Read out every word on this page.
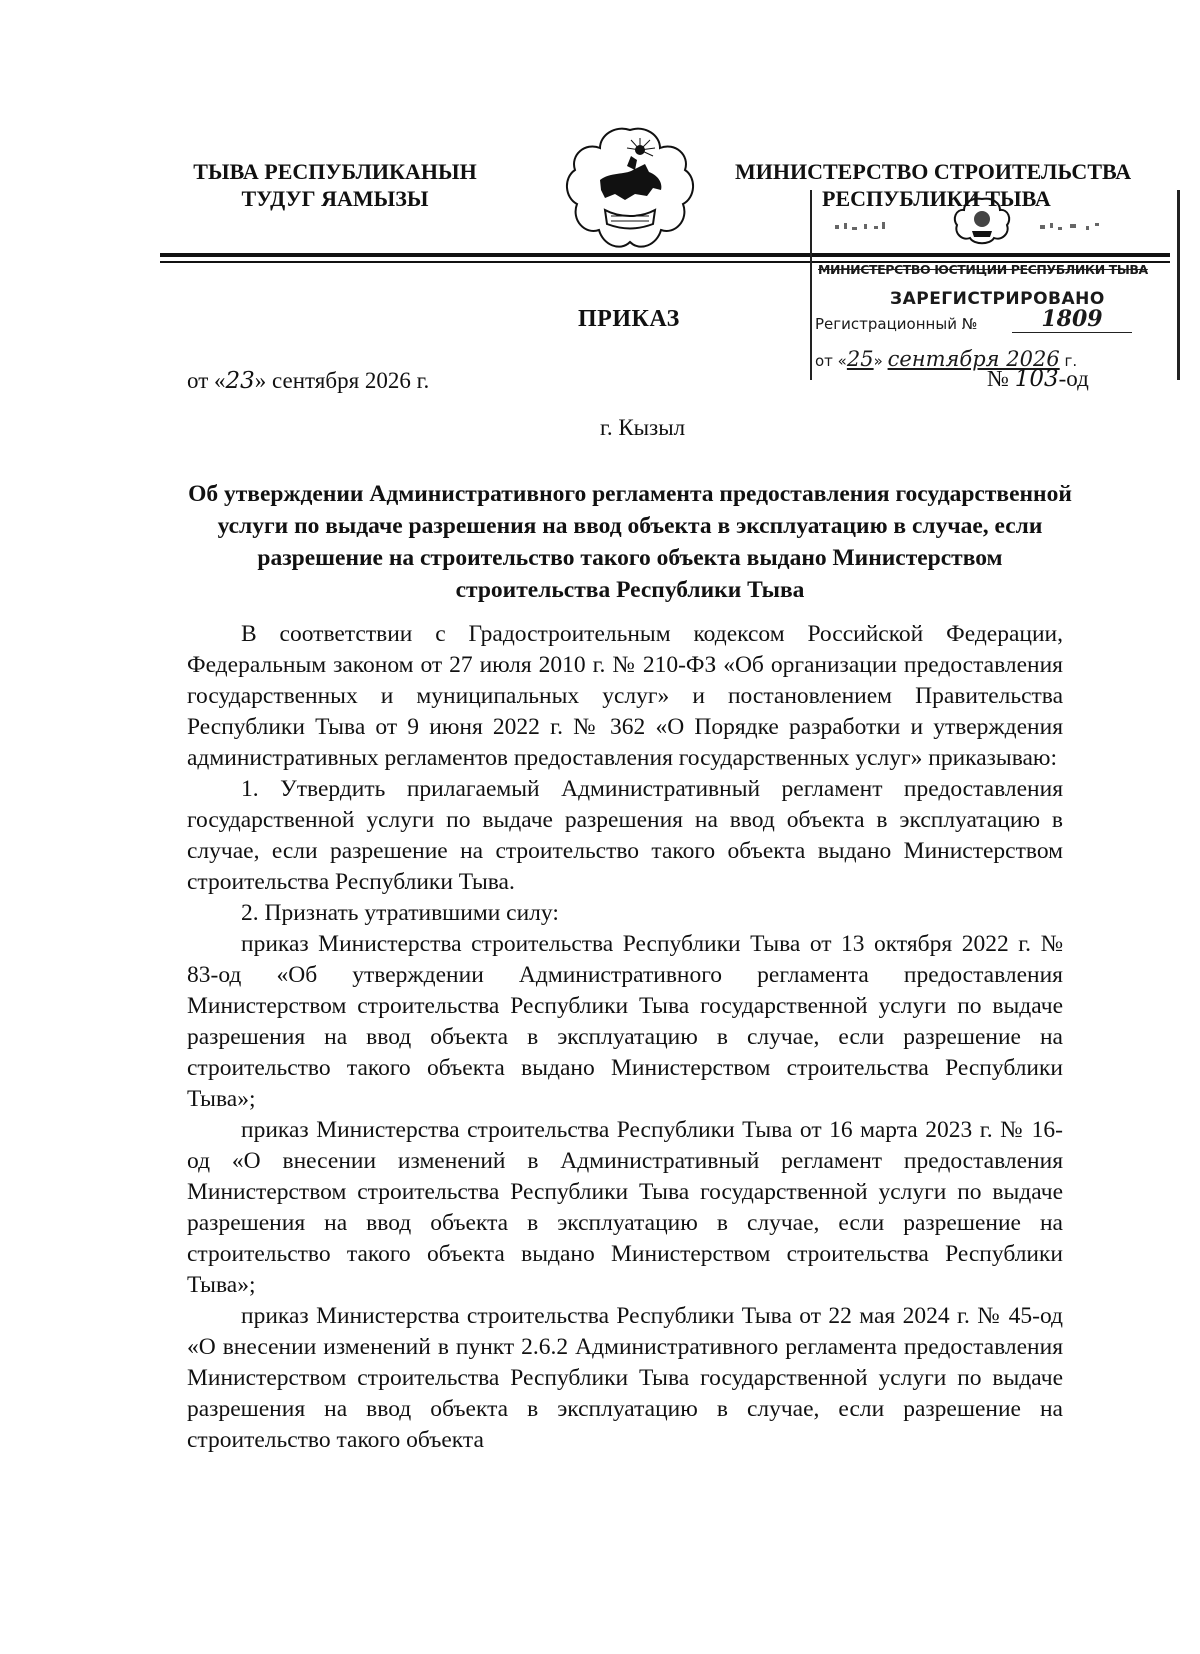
ТЫВА РЕСПУБЛИКАНЫН
ТУДУГ ЯАМЫЗЫ
МИНИСТЕРСТВО СТРОИТЕЛЬСТВА
РЕСПУБЛИКИ ТЫВА
МИНИСТЕРСТВО ЮСТИЦИИ РЕСПУБЛИКИ ТЫВА
ЗАРЕГИСТРИРОВАНО
Регистрационный №	1809
от «25» сентября 2026 г.
ПРИКАЗ
от «23» сентября 2026 г.	№ 103-од
г. Кызыл
Об утверждении Административного регламента предоставления государственной услуги по выдаче разрешения на ввод объекта в эксплуатацию в случае, если разрешение на строительство такого объекта выдано Министерством строительства Республики Тыва

В соответствии с Градостроительным кодексом Российской Федерации, Федеральным законом от 27 июля 2010 г. № 210-ФЗ «Об организации предоставления государственных и муниципальных услуг» и постановлением Правительства Республики Тыва от 9 июня 2022 г. № 362 «О Порядке разработки и утверждения административных регламентов предоставления государственных услуг» приказываю:

1. Утвердить прилагаемый Административный регламент предоставления государственной услуги по выдаче разрешения на ввод объекта в эксплуатацию в случае, если разрешение на строительство такого объекта выдано Министерством строительства Республики Тыва.

2. Признать утратившими силу:

приказ Министерства строительства Республики Тыва от 13 октября 2022 г. № 83-од «Об утверждении Административного регламента предоставления Министерством строительства Республики Тыва государственной услуги по выдаче разрешения на ввод объекта в эксплуатацию в случае, если разрешение на строительство такого объекта выдано Министерством строительства Республики Тыва»;

приказ Министерства строительства Республики Тыва от 16 марта 2023 г. № 16-од «О внесении изменений в Административный регламент предоставления Министерством строительства Республики Тыва государственной услуги по выдаче разрешения на ввод объекта в эксплуатацию в случае, если разрешение на строительство такого объекта выдано Министерством строительства Республики Тыва»;

приказ Министерства строительства Республики Тыва от 22 мая 2024 г. № 45-од «О внесении изменений в пункт 2.6.2 Административного регламента предоставления Министерством строительства Республики Тыва государственной услуги по выдаче разрешения на ввод объекта в эксплуатацию в случае, если разрешение на строительство такого объекта
